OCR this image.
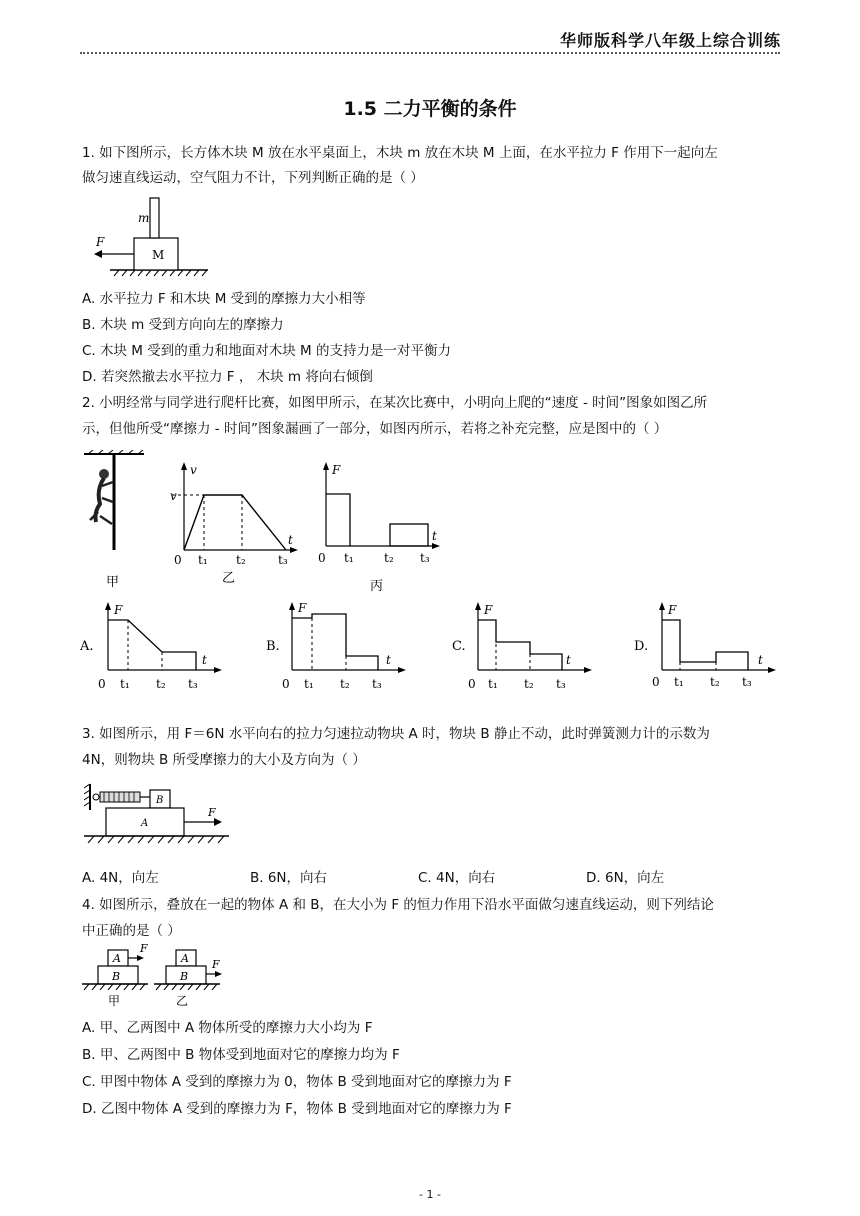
华师版科学八年级上综合训练
1.5 二力平衡的条件
1. 如下图所示，长方体木块 M 放在水平桌面上，木块 m 放在木块 M 上面，在水平拉力 F 作用下一起向左
做匀速直线运动，空气阻力不计，下列判断正确的是（ ）
M
m
F
A. 水平拉力 F 和木块 M 受到的摩擦力大小相等
B. 木块 m 受到方向向左的摩擦力
C. 木块 M 受到的重力和地面对木块 M 的支持力是一对平衡力
D. 若突然撤去水平拉力 F ， 木块 m 将向右倾倒
2. 小明经常与同学进行爬杆比赛，如图甲所示，在某次比赛中，小明向上爬的“速度 - 时间”图象如图乙所
示，但他所受“摩擦力 - 时间”图象漏画了一部分，如图丙所示，若将之补充完整，应是图中的（ ）
甲
v
v
t
0 t₁ t₂	t₃
乙
F
t
0 t₁	t₂ t₃
丙
A.
F
t
0 t₁ t₂ t₃
B.
F
t
0 t₁ t₂ t₃
C.
F
t
0 t₁ t₂ t₃
D.
F
t
0 t₁ t₂ t₃
3. 如图所示，用 F＝6N 水平向右的拉力匀速拉动物块 A 时，物块 B 静止不动，此时弹簧测力计的示数为
4N，则物块 B 所受摩擦力的大小及方向为（ ）
B
A
F
A. 4N，向左	B. 6N，向右	C. 4N，向右	D. 6N，向左
4. 如图所示，叠放在一起的物体 A 和 B，在大小为 F 的恒力作用下沿水平面做匀速直线运动，则下列结论
中正确的是（ ）
A
B
F
甲
A
B
F
乙
A. 甲、乙两图中 A 物体所受的摩擦力大小均为 F
B. 甲、乙两图中 B 物体受到地面对它的摩擦力均为 F
C. 甲图中物体 A 受到的摩擦力为 0，物体 B 受到地面对它的摩擦力为 F
D. 乙图中物体 A 受到的摩擦力为 F，物体 B 受到地面对它的摩擦力为 F
- 1 -
